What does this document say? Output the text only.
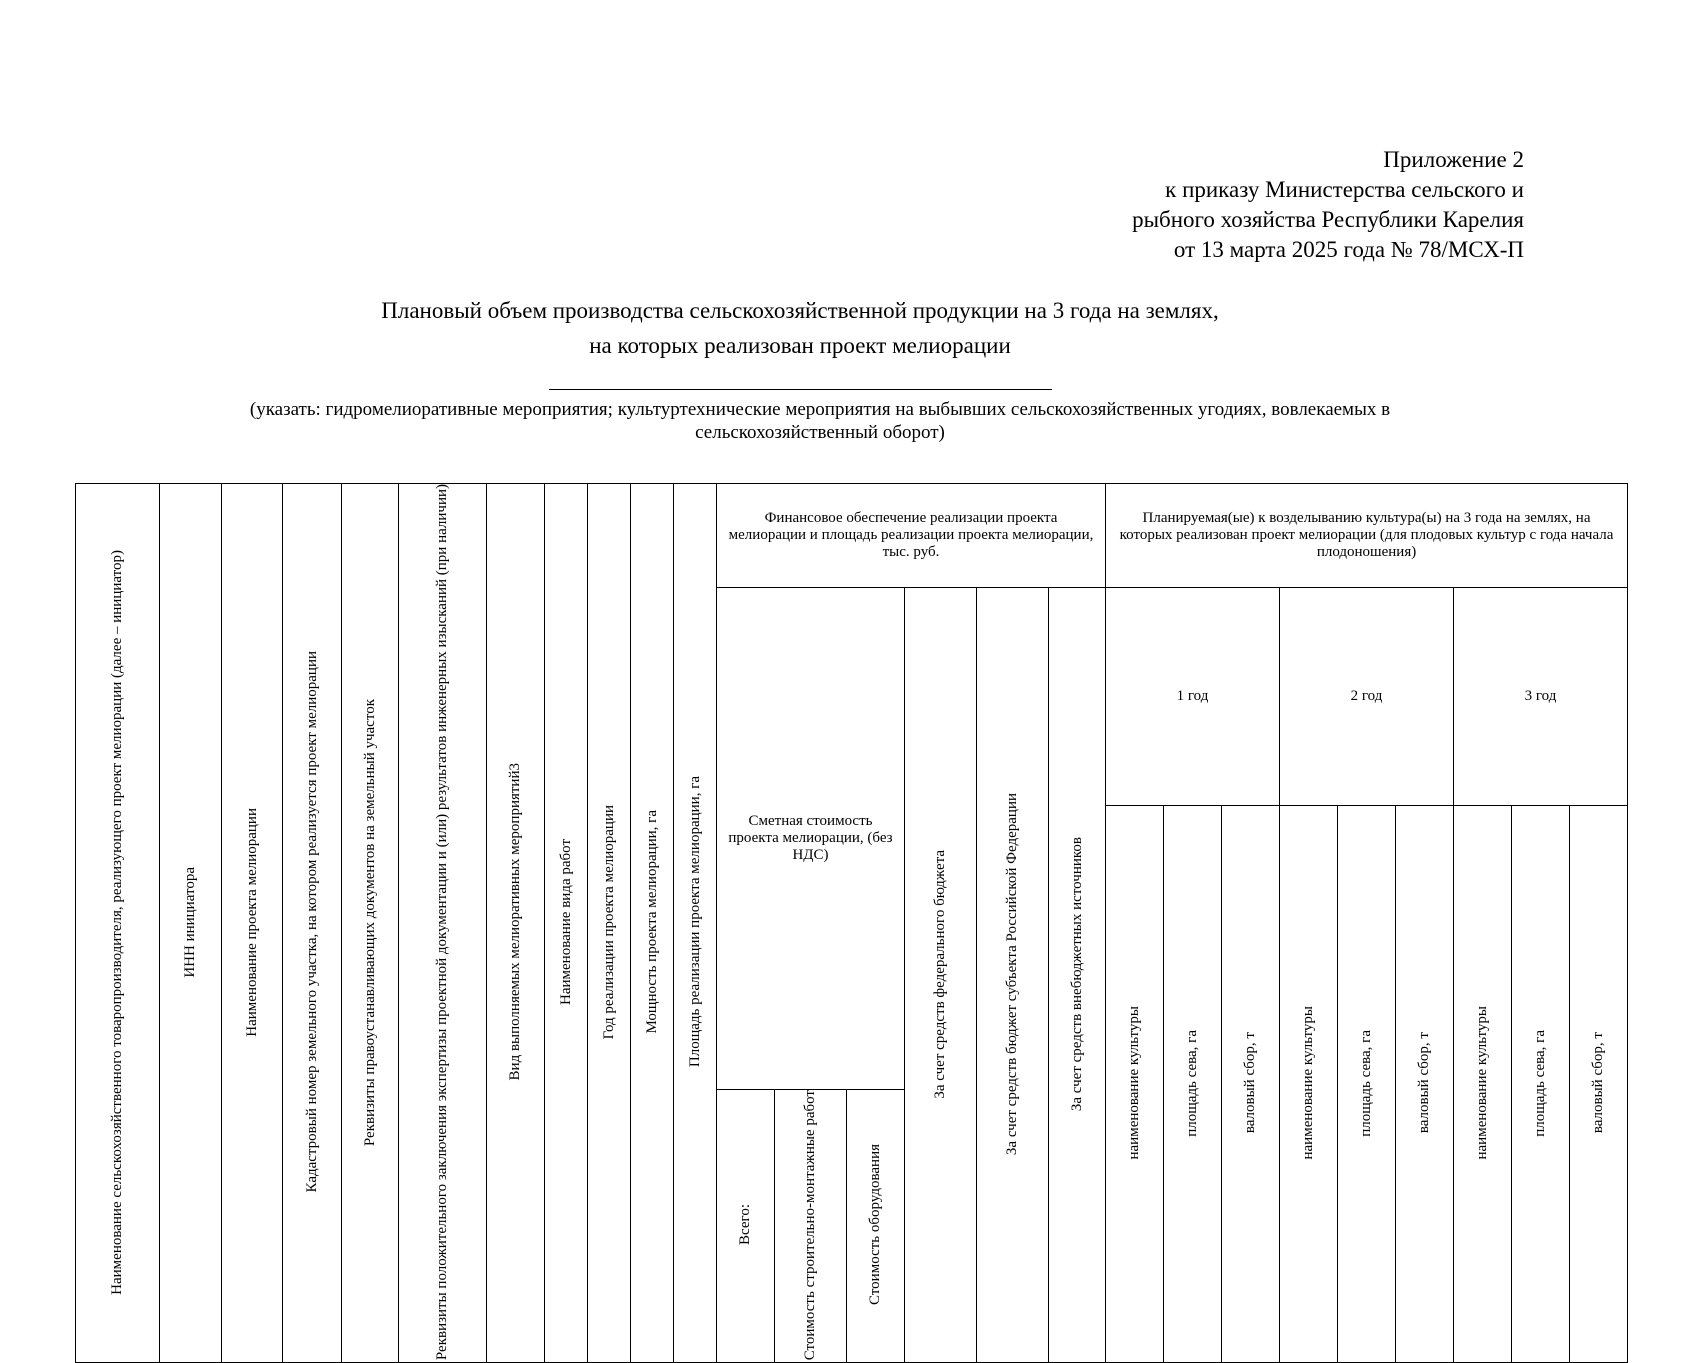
Приложение 2
к приказу Министерства сельского и
рыбного хозяйства Республики Карелия
от 13 марта 2025 года № 78/МСХ-П
Плановый объем производства сельскохозяйственной продукции на 3 года на землях,
на которых реализован проект мелиорации
(указать: гидромелиоративные мероприятия; культуртехнические мероприятия на выбывших сельскохозяйственных угодиях, вовлекаемых в
сельскохозяйственный оборот)
Наименование сельскохозяйственного товаропроизводителя, реализующего проект мелиорации (далее – инициатор)	ИНН инициатора	Наименование проекта мелиорации	Кадастровый номер земельного участка, на котором реализуется проект мелиорации	Реквизиты правоустанавливающих документов на земельный участок	Реквизиты положительного заключения экспертизы проектной документации и (или) результатов инженерных изысканий (при наличии)	Вид выполняемых мелиоративных мероприятий3	Наименование вида работ	Год реализации проекта мелиорации	Мощность проекта мелиорации, га	Площадь реализации проекта мелиорации, га	Финансовое обеспечение реализации проекта мелиорации и площадь реализации проекта мелиорации, тыс. руб.						Планируемая(ые) к возделыванию культура(ы) на 3 года на землях, на которых реализован проект мелиорации (для плодовых культур с года начала плодоношения)								

											Сметная стоимость проекта мелиорации, (без НДС)			За счет средств федерального бюджета	За счет средств бюджет субъекта Российской Федерации	За счет средств внебюджетных источников	1 год			2 год			3 год		

																	наименование культуры	площадь сева, га	валовый сбор, т	наименование культуры	площадь сева, га	валовый сбор, т	наименование культуры	площадь сева, га	валовый сбор, т

											Всего:	Стоимость строительно-монтажные работ	Стоимость оборудования												
